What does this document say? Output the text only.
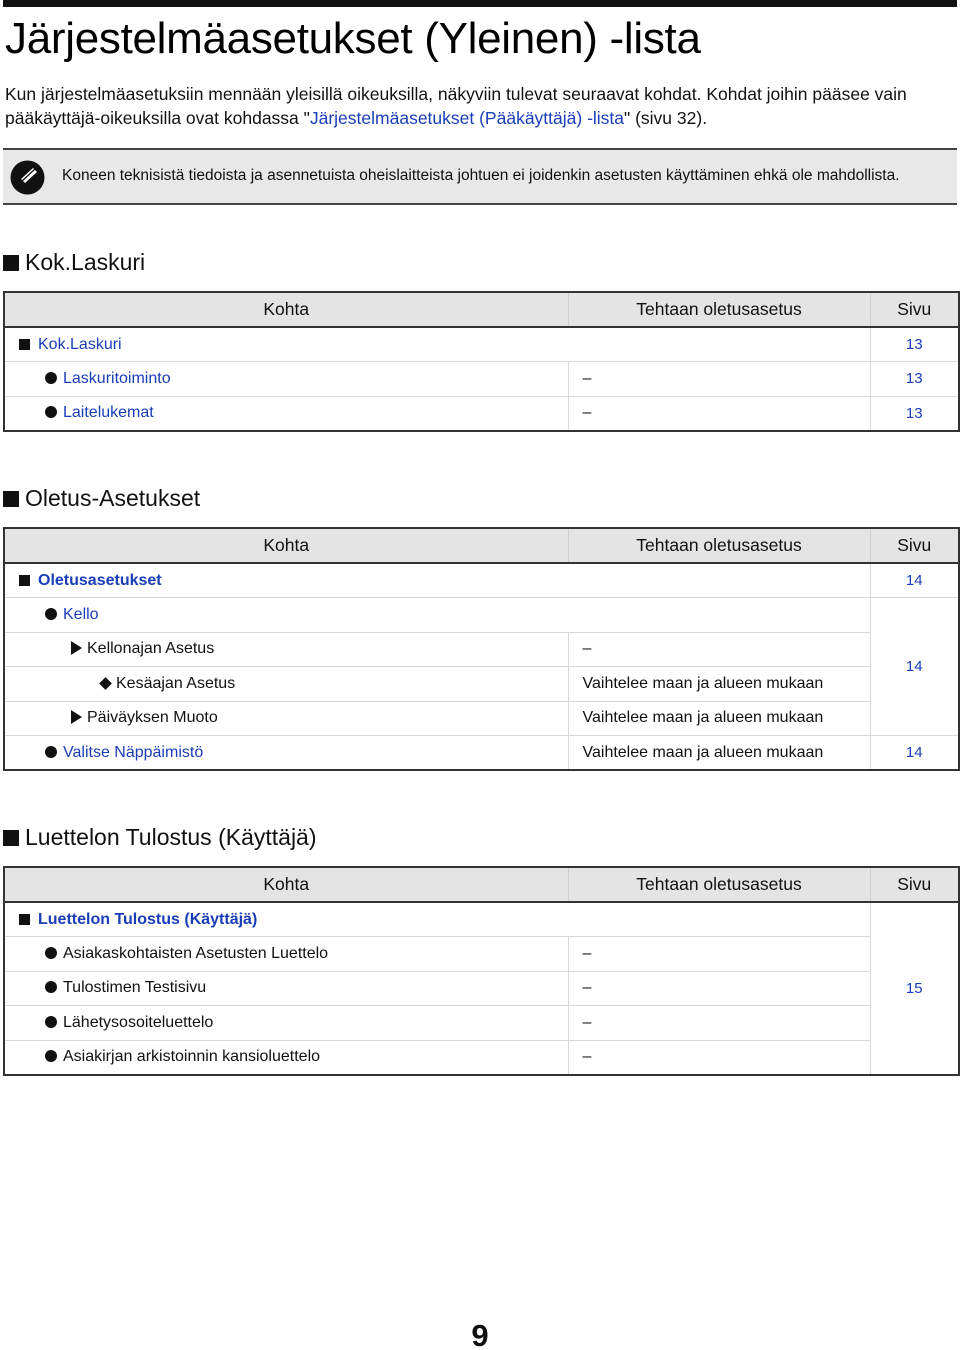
Järjestelmäasetukset (Yleinen) -lista

Kun järjestelmäasetuksiin mennään yleisillä oikeuksilla, näkyviin tulevat seuraavat kohdat. Kohdat joihin pääsee vain pääkäyttäjä-oikeuksilla ovat kohdassa "Järjestelmäasetukset (Pääkäyttäjä) -lista" (sivu 32).

Koneen teknisistä tiedoista ja asennetuista oheislaitteista johtuen ei joidenkin asetusten käyttäminen ehkä ole mahdollista.
Kok.Laskuri
Kohta	Tehtaan oletusasetus	Sivu
Kok.Laskuri		13
Laskuritoiminto	–	13
Laitelukemat	–	13
Oletus-Asetukset
Kohta	Tehtaan oletusasetus	Sivu
Oletusasetukset		14
Kello		14
Kellonajan Asetus	–	
Kesäajan Asetus	Vaihtelee maan ja alueen mukaan	
Päiväyksen Muoto	Vaihtelee maan ja alueen mukaan	
Valitse Näppäimistö	Vaihtelee maan ja alueen mukaan	14
Luettelon Tulostus (Käyttäjä)
Kohta	Tehtaan oletusasetus	Sivu
Luettelon Tulostus (Käyttäjä)		15
Asiakaskohtaisten Asetusten Luettelo	–	
Tulostimen Testisivu	–	
Lähetysosoiteluettelo	–	
Asiakirjan arkistoinnin kansioluettelo	–	
9
